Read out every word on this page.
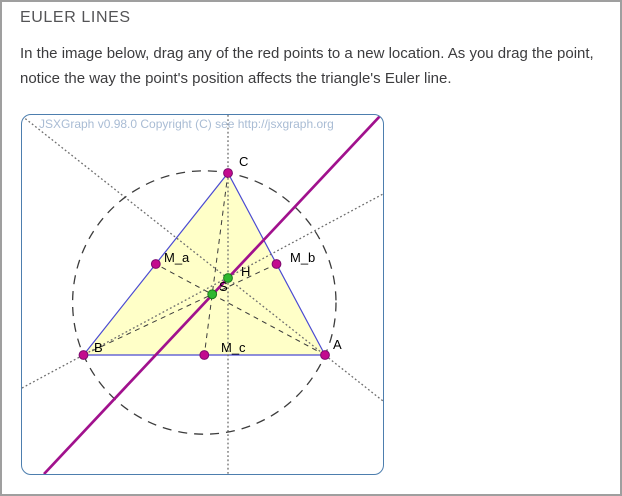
EULER LINES

In the image below, drag any of the red points to a new location. As you drag the point, notice the way the point's position affects the triangle's Euler line.

A
B
C
M_a	M_b
M_c
H
S
JSXGraph v0.98.0 Copyright (C) see http://jsxgraph.org
